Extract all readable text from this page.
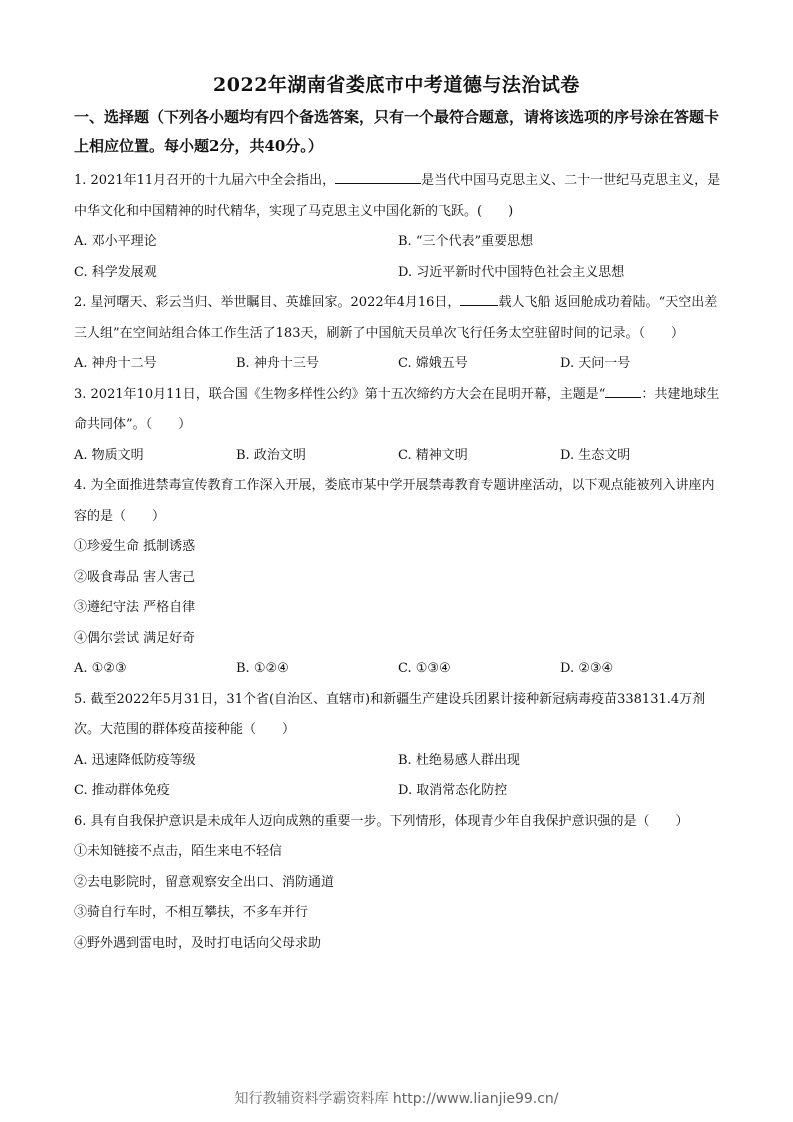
2022年湖南省娄底市中考道德与法治试卷
一、选择题（下列各小题均有四个备选答案，只有一个最符合题意，请将该选项的序号涂在答题卡上相应位置。每小题2分，共40分。）

1. 2021年11月召开的十九届六中全会指出，	是当代中国马克思主义、二十一世纪马克思主义，是中华文化和中国精神的时代精华，实现了马克思主义中国化新的飞跃。(　　)

A. 邓小平理论	B. “三个代表”重要思想
C. 科学发展观	D. 习近平新时代中国特色社会主义思想

2. 星河曙天、彩云当归、举世瞩目、英雄回家。2022年4月16日，	载人飞船 返回舱成功着陆。“天空出差三人组”在空间站组合体工作生活了183天，刷新了中国航天员单次飞行任务太空驻留时间的记录。（　　）

A. 神舟十二号	B. 神舟十三号	C. 嫦娥五号	D. 天问一号

3. 2021年10月11日，联合国《生物多样性公约》第十五次缔约方大会在昆明开幕，主题是“	：共建地球生命共同体”。（　　）

A. 物质文明	B. 政治文明	C. 精神文明	D. 生态文明

4. 为全面推进禁毒宣传教育工作深入开展，娄底市某中学开展禁毒教育专题讲座活动，以下观点能被列入讲座内容的是（　　）

①珍爱生命 抵制诱惑

②吸食毒品 害人害己

③遵纪守法 严格自律

④偶尔尝试 满足好奇

A. ①②③	B. ①②④	C. ①③④	D. ②③④

5. 截至2022年5月31日，31个省(自治区、直辖市)和新疆生产建设兵团累计接种新冠病毒疫苗338131.4万剂次。大范围的群体疫苗接种能（　　）

A. 迅速降低防疫等级	B. 杜绝易感人群出现
C. 推动群体免疫	D. 取消常态化防控

6. 具有自我保护意识是未成年人迈向成熟的重要一步。下列情形，体现青少年自我保护意识强的是（　　）

①未知链接不点击，陌生来电不轻信

②去电影院时，留意观察安全出口、消防通道

③骑自行车时，不相互攀扶，不多车并行

④野外遇到雷电时，及时打电话向父母求助

知行教辅资料学霸资料库 http://www.lianjie99.cn/
